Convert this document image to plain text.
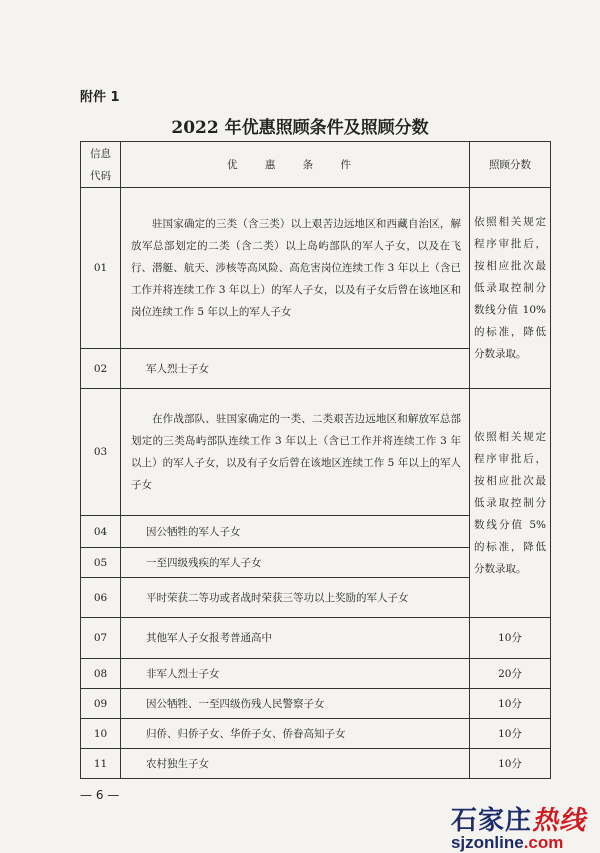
附件 1
2022 年优惠照顾条件及照顾分数
信息代码	优 惠 条 件	照顾分数
01	驻国家确定的三类（含三类）以上艰苦边远地区和西藏自治区，解放军总部划定的二类（含二类）以上岛屿部队的军人子女，以及在飞行、潜艇、航天、涉核等高风险、高危害岗位连续工作 3 年以上（含已工作并将连续工作 3 年以上）的军人子女，以及有子女后曾在该地区和岗位连续工作 5 年以上的军人子女	依照相关规定程序审批后，按相应批次最低录取控制分数线分值 10%的标准，降低分数录取。
02	军人烈士子女	
03	在作战部队、驻国家确定的一类、二类艰苦边远地区和解放军总部划定的三类岛屿部队连续工作 3 年以上（含已工作并将连续工作 3 年以上）的军人子女，以及有子女后曾在该地区连续工作 5 年以上的军人子女	依照相关规定程序审批后，按相应批次最低录取控制分数线分值 5%的标准，降低分数录取。
04	因公牺牲的军人子女	
05	一至四级残疾的军人子女	
06	平时荣获二等功或者战时荣获三等功以上奖励的军人子女	
07	其他军人子女报考普通高中	10分
08	非军人烈士子女	20分
09	因公牺牲、一至四级伤残人民警察子女	10分
10	归侨、归侨子女、华侨子女、侨眷高知子女	10分
11	农村独生子女	10分
— 6 —
石家庄热线
sjzonline.com
